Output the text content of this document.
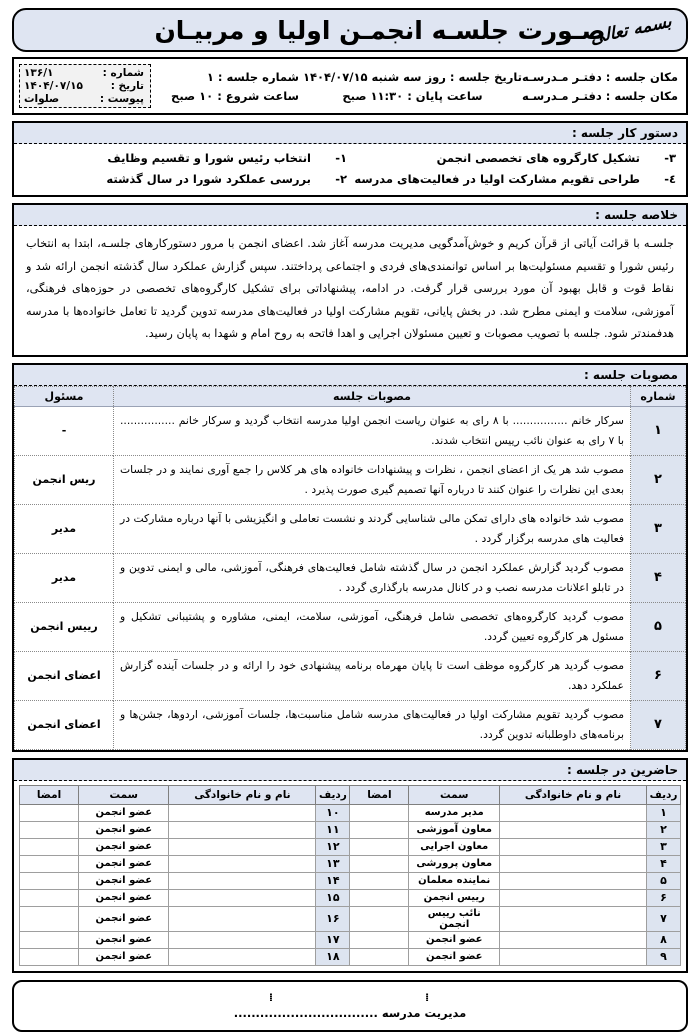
بسمه تعالی
صـورت جلسـه انجمـن اولیا و مربیـان
مکان جلسه : دفتـر مـدرسـه
تاریخ جلسه : روز سه شنبه ۱۴۰۴/۰۷/۱۵
شماره جلسه : ۱
مکان جلسه : دفتـر مـدرسـه
ساعت پایان : ۱۱:۳۰ صبح
ساعت شروع : ۱۰ صبح
شماره :
۱۳۶/۱
تاریخ :
۱۴۰۴/۰۷/۱۵
پیوست :
صلوات
دستور کار جلسه :
۳-
تشکیل کارگروه های تخصصی انجمن
۱-
انتخاب رئیس شورا و تقسیم وظایف
٤-
طراحی تقویم مشارکت اولیا در فعالیت‌های مدرسه
۲-
بررسی عملکرد شورا در سال گذشته
خلاصه جلسه :
جلسـه با قرائت آیاتی از قرآن کریم و خوش‌آمدگویی مدیریت مدرسه آغاز شد. اعضای انجمن با مرور دستورکارهای جلسـه، ابتدا به انتخاب رئیس شورا و تقسیم مسئولیت‌ها بر اساس توانمندی‌های فردی و اجتماعی پرداختند. سپس گزارش عملکرد سال گذشته انجمن ارائه شد و نقاط قوت و قابل بهبود آن مورد بررسی قرار گرفت. در ادامه، پیشنهاداتی برای تشکیل کارگروه‌های تخصصی در حوزه‌های فرهنگی، آموزشی، سلامت و ایمنی مطرح شد. در بخش پایانی، تقویم مشارکت اولیا در فعالیت‌های مدرسه تدوین گردید تا تعامل خانواده‌ها با مدرسه هدفمندتر شود. جلسه با تصویب مصوبات و تعیین مسئولان اجرایی و اهدا فاتحه به روح امام و شهدا به پایان رسید.
مصوبات جلسه :
شماره	مصوبات جلسه	مسئول
۱	سرکار خانم ................ با ۸ رای به عنوان ریاست انجمن اولیا مدرسه انتخاب گردید و سرکار خانم ................ با ۷ رای به عنوان نائب رییس انتخاب شدند.	-
۲	مصوب شد هر یک از اعضای انجمن ، نظرات و پیشنهادات خانواده های هر کلاس را جمع آوری نمایند و در جلسات بعدی این نظرات را عنوان کنند تا درباره آنها تصمیم گیری صورت پذیرد .	ریس انجمن
۳	مصوب شد خانواده های دارای تمکن مالی شناسایی گردند و نشست تعاملی و انگیزیشی با آنها درباره مشارکت در فعالیت های مدرسه برگزار گردد .	مدیر
۴	مصوب گردید گزارش عملکرد انجمن در سال گذشته شامل فعالیت‌های فرهنگی، آموزشی، مالی و ایمنی تدوین و در تابلو اعلانات مدرسه نصب و در کانال مدرسه بارگذاری گردد .	مدیر
۵	مصوب گردید کارگروه‌های تخصصی شامل فرهنگی، آموزشی، سلامت، ایمنی، مشاوره و پشتیبانی تشکیل و مسئول هر کارگروه تعیین گردد.	رییس انجمن
۶	مصوب گردید هر کارگروه موظف است تا پایان مهرماه برنامه پیشنهادی خود را ارائه و در جلسات آینده گزارش عملکرد دهد.	اعضای انجمن
۷	مصوب گردید تقویم مشارکت اولیا در فعالیت‌های مدرسه شامل مناسبت‌ها، جلسات آموزشی، اردوها، جشن‌ها و برنامه‌های داوطلبانه تدوین گردد.	اعضای انجمن
حاضرین در جلسه :
ردیف	نام و نام خانوادگی	سمت	امضا	ردیف	نام و نام خانوادگی	سمت	امضا
۱		مدیر مدرسه		۱۰		عضو انجمن	
۲		معاون آموزشی		۱۱		عضو انجمن	
۳		معاون اجرایی		۱۲		عضو انجمن	
۴		معاون پرورشی		۱۳		عضو انجمن	
۵		نماینده معلمان		۱۴		عضو انجمن	
۶		رییس انجمن		۱۵		عضو انجمن	
۷		نائب رییس انجمن		۱۶		عضو انجمن	
۸		عضو انجمن		۱۷		عضو انجمن	
۹		عضو انجمن		۱۸		عضو انجمن	
⁞
⁞
مدیریت مدرسه .................................
